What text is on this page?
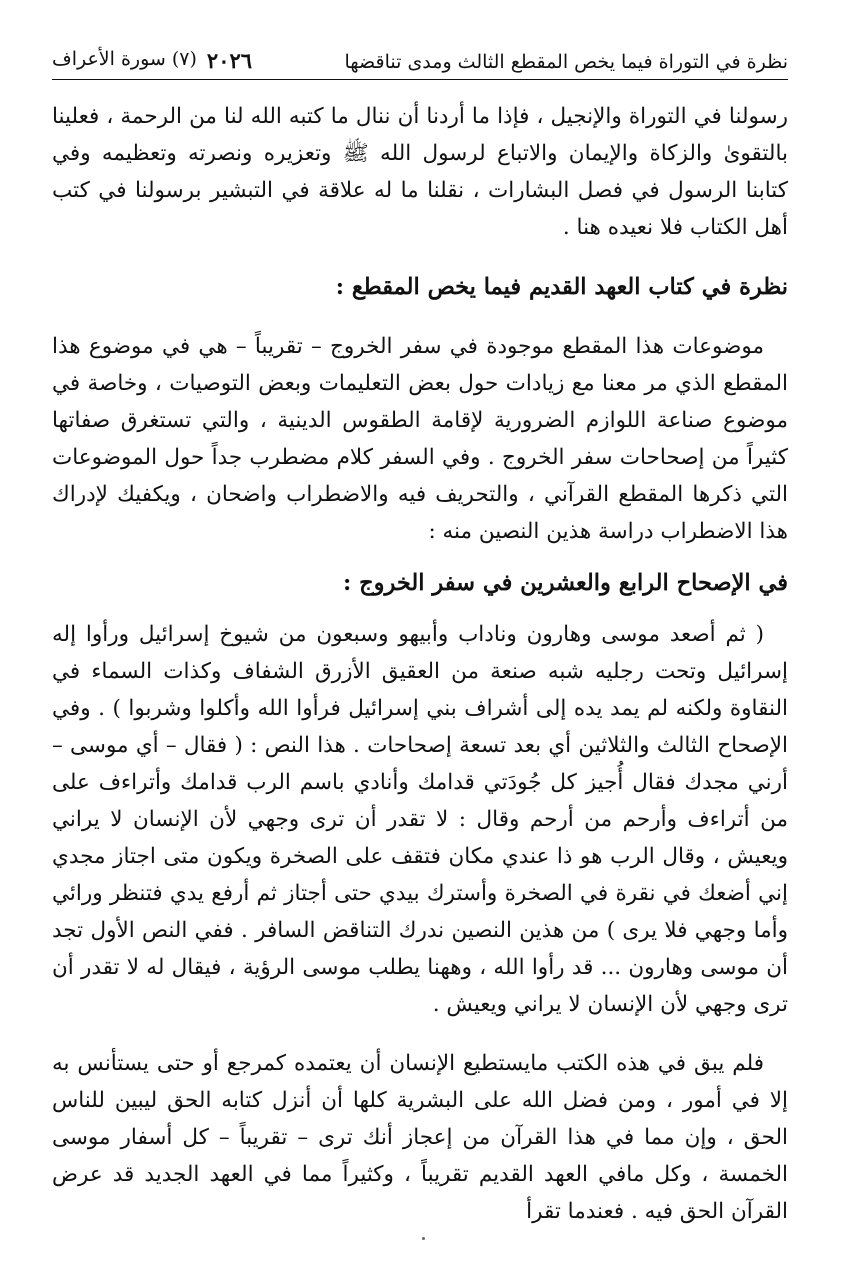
نظرة في التوراة فيما يخص المقطع الثالث ومدى تناقضها
٢٠٢٦
(٧) سورة الأعراف

رسولنا في التوراة والإنجيل ، فإذا ما أردنا أن ننال ما كتبه الله لنا من الرحمة ، فعلينا بالتقوىٰ والزكاة والإيمان والاتباع لرسول الله ﷺ وتعزيره ونصرته وتعظيمه وفي كتابنا الرسول في فصل البشارات ، نقلنا ما له علاقة في التبشير برسولنا في كتب أهل الكتاب فلا نعيده هنا .

نظرة في كتاب العهد القديم فيما يخص المقطع :

موضوعات هذا المقطع موجودة في سفر الخروج – تقريباً – هي في موضوع هذا المقطع الذي مر معنا مع زيادات حول بعض التعليمات وبعض التوصيات ، وخاصة في موضوع صناعة اللوازم الضرورية لإقامة الطقوس الدينية ، والتي تستغرق صفاتها كثيراً من إصحاحات سفر الخروج . وفي السفر كلام مضطرب جداً حول الموضوعات التي ذكرها المقطع القرآني ، والتحريف فيه والاضطراب واضحان ، ويكفيك لإدراك هذا الاضطراب دراسة هذين النصين منه :

في الإصحاح الرابع والعشرين في سفر الخروج :

( ثم أصعد موسى وهارون وناداب وأبيهو وسبعون من شيوخ إسرائيل ورأوا إله إسرائيل وتحت رجليه شبه صنعة من العقيق الأزرق الشفاف وكذات السماء في النقاوة ولكنه لم يمد يده إلى أشراف بني إسرائيل فرأوا الله وأكلوا وشربوا ) . وفي الإصحاح الثالث والثلاثين أي بعد تسعة إصحاحات . هذا النص : ( فقال – أي موسى – أرني مجدك فقال أُجيز كل جُودَتي قدامك وأنادي باسم الرب قدامك وأتراءف على من أتراءف وأرحم من أرحم وقال : لا تقدر أن ترى وجهي لأن الإنسان لا يراني ويعيش ، وقال الرب هو ذا عندي مكان فتقف على الصخرة ويكون متى اجتاز مجدي إني أضعك في نقرة في الصخرة وأسترك بيدي حتى أجتاز ثم أرفع يدي فتنظر ورائي وأما وجهي فلا يرى ) من هذين النصين ندرك التناقض السافر . ففي النص الأول تجد أن موسى وهارون ... قد رأوا الله ، وههنا يطلب موسى الرؤية ، فيقال له لا تقدر أن ترى وجهي لأن الإنسان لا يراني ويعيش .

فلم يبق في هذه الكتب مايستطيع الإنسان أن يعتمده كمرجع أو حتى يستأنس به إلا في أمور ، ومن فضل الله على البشرية كلها أن أنزل كتابه الحق ليبين للناس الحق ، وإن مما في هذا القرآن من إعجاز أنك ترى – تقريباً – كل أسفار موسى الخمسة ، وكل مافي العهد القديم تقريباً ، وكثيراً مما في العهد الجديد قد عرض القرآن الحق فيه . فعندما تقرأ
